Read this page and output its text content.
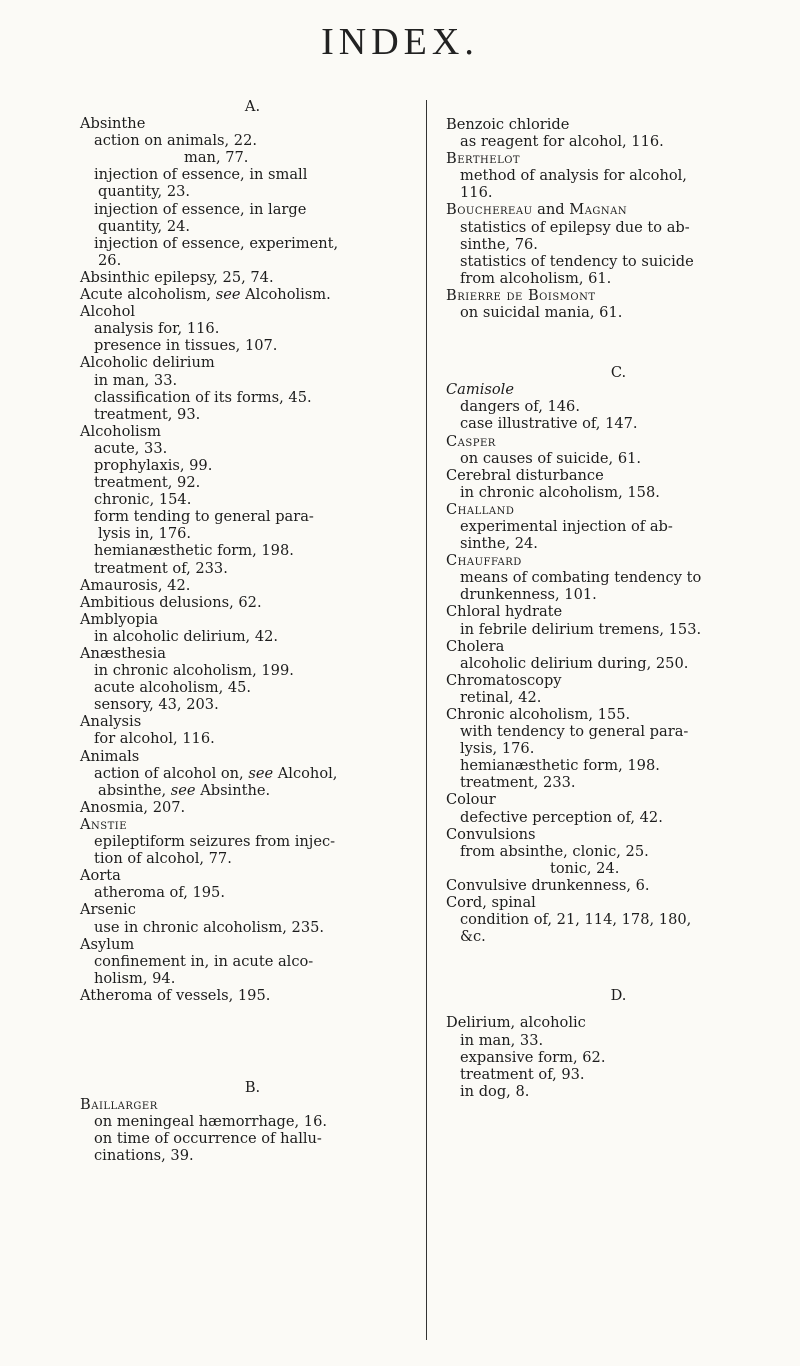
INDEX.

A.

Absinthe

action on animals, 22.

man, 77.

injection of essence, in small

quantity, 23.

injection of essence, in large

quantity, 24.

injection of essence, experiment,

26.

Absinthic epilepsy, 25, 74.

Acute alcoholism, see Alcoholism.

Alcohol

analysis for, 116.

presence in tissues, 107.

Alcoholic delirium

in man, 33.

classification of its forms, 45.

treatment, 93.

Alcoholism

acute, 33.

prophylaxis, 99.

treatment, 92.

chronic, 154.

form tending to general para-

lysis in, 176.

hemianæsthetic form, 198.

treatment of, 233.

Amaurosis, 42.

Ambitious delusions, 62.

Amblyopia

in alcoholic delirium, 42.

Anæsthesia

in chronic alcoholism, 199.

acute alcoholism, 45.

sensory, 43, 203.

Analysis

for alcohol, 116.

Animals

action of alcohol on, see Alcohol,

absinthe, see Absinthe.

Anosmia, 207.

Anstie

epileptiform seizures from injec-

tion of alcohol, 77.

Aorta

atheroma of, 195.

Arsenic

use in chronic alcoholism, 235.

Asylum

confinement in, in acute alco-

holism, 94.

Atheroma of vessels, 195.

B.

Baillarger

on meningeal hæmorrhage, 16.

on time of occurrence of hallu-

cinations, 39.

Benzoic chloride

as reagent for alcohol, 116.

Berthelot

method of analysis for alcohol,

116.

Bouchereau and Magnan

statistics of epilepsy due to ab-

sinthe, 76.

statistics of tendency to suicide

from alcoholism, 61.

Brierre de Boismont

on suicidal mania, 61.

C.

Camisole

dangers of, 146.

case illustrative of, 147.

Casper

on causes of suicide, 61.

Cerebral disturbance

in chronic alcoholism, 158.

Challand

experimental injection of ab-

sinthe, 24.

Chauffard

means of combating tendency to

drunkenness, 101.

Chloral hydrate

in febrile delirium tremens, 153.

Cholera

alcoholic delirium during, 250.

Chromatoscopy

retinal, 42.

Chronic alcoholism, 155.

with tendency to general para-

lysis, 176.

hemianæsthetic form, 198.

treatment, 233.

Colour

defective perception of, 42.

Convulsions

from absinthe, clonic, 25.

tonic, 24.

Convulsive drunkenness, 6.

Cord, spinal

condition of, 21, 114, 178, 180,

&c.

D.

Delirium, alcoholic

in man, 33.

expansive form, 62.

treatment of, 93.

in dog, 8.
